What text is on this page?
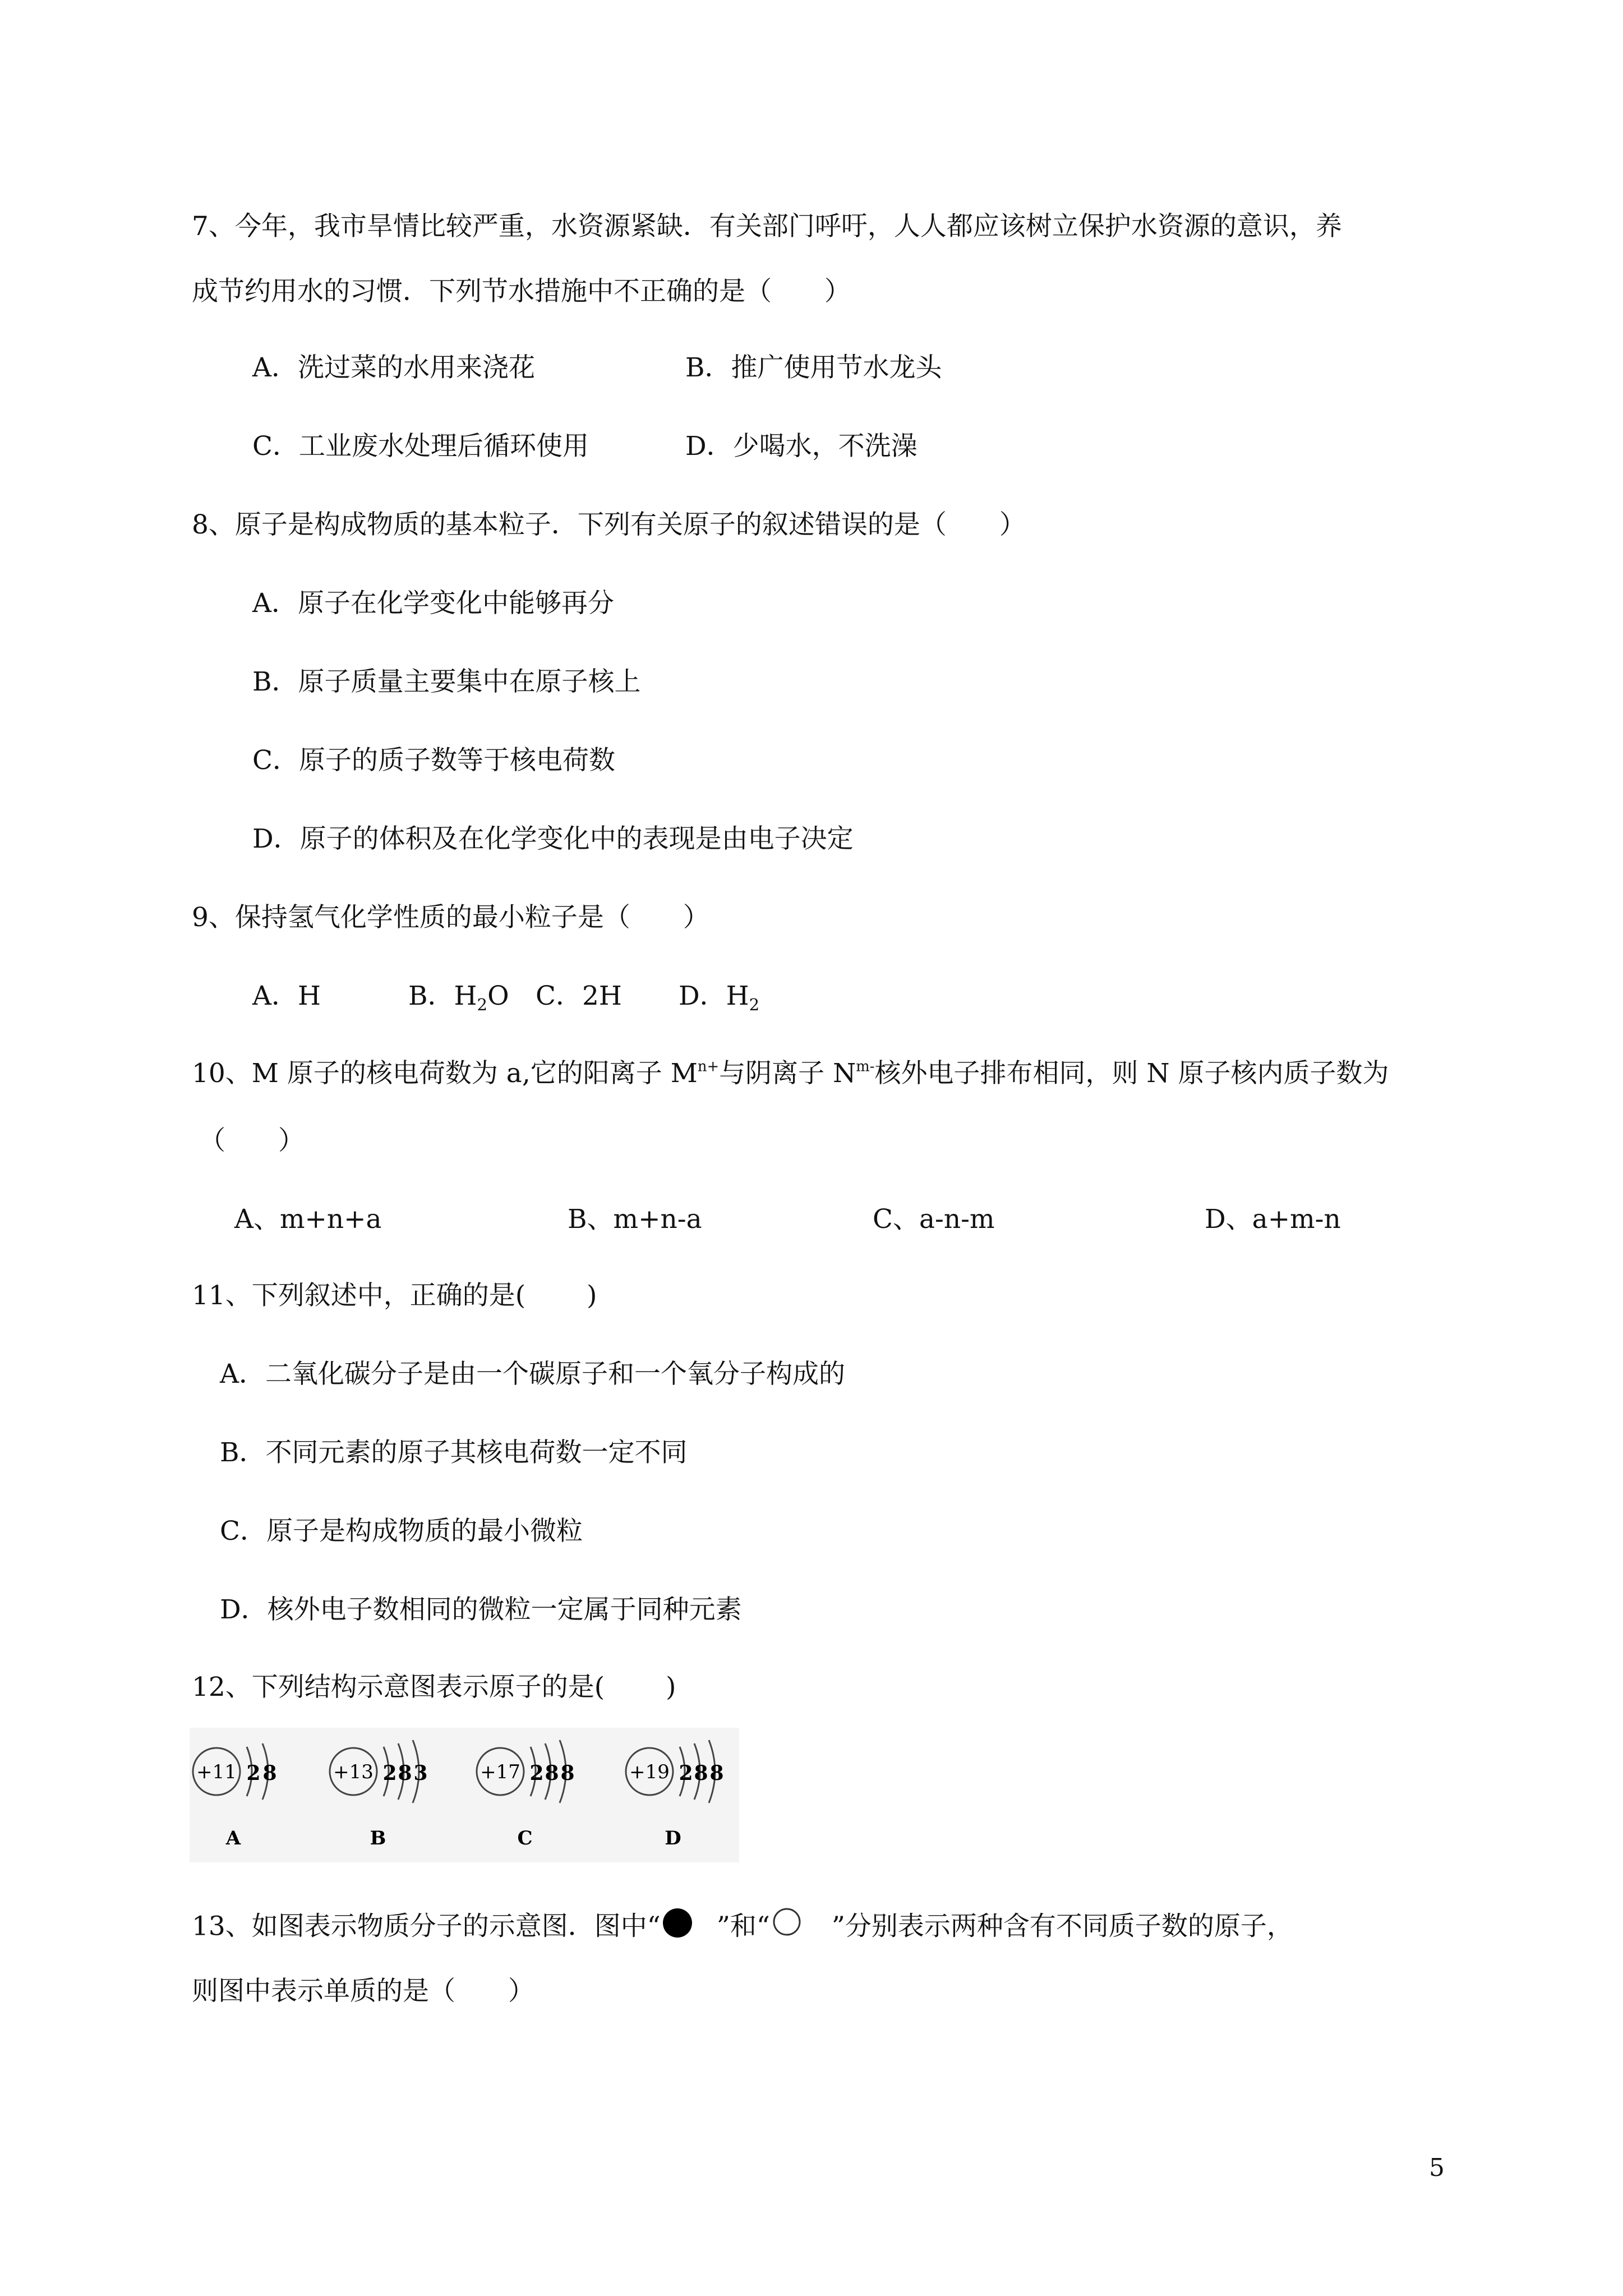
7、今年，我市旱情比较严重，水资源紧缺．有关部门呼吁，人人都应该树立保护水资源的意识，养
成节约用水的习惯．下列节水措施中不正确的是（　　）
A．洗过菜的水用来浇花	B．推广使用节水龙头
C．工业废水处理后循环使用	D．少喝水，不洗澡
8、原子是构成物质的基本粒子．下列有关原子的叙述错误的是（　　）
A．原子在化学变化中能够再分
B．原子质量主要集中在原子核上
C．原子的质子数等于核电荷数
D．原子的体积及在化学变化中的表现是由电子决定
9、保持氢气化学性质的最小粒子是（　　）
A．H	B．$H_2O$ C．2H D．$H_2$
10、M 原子的核电荷数为 a,它的阳离子 $M^{n+}$与阴离子 $N^{m-}$核外电子排布相同，则 N 原子核内质子数为
（　　）
A、m+n+a	B、m+n-a	C、a-n-m	D、a+m-n
11、下列叙述中，正确的是(　　 )
A．二氧化碳分子是由一个碳原子和一个氧分子构成的
B．不同元素的原子其核电荷数一定不同
C．原子是构成物质的最小微粒
D．核外电子数相同的微粒一定属于同种元素
12、下列结构示意图表示原子的是(　　 )
+11 2 8
A
+13 2 8 3
B
+17 2 8 8
C
+19 2 8 8
D
13、如图表示物质分子的示意图．图中“ ”和“ ”分别表示两种含有不同质子数的原子，
则图中表示单质的是（　　）
5
